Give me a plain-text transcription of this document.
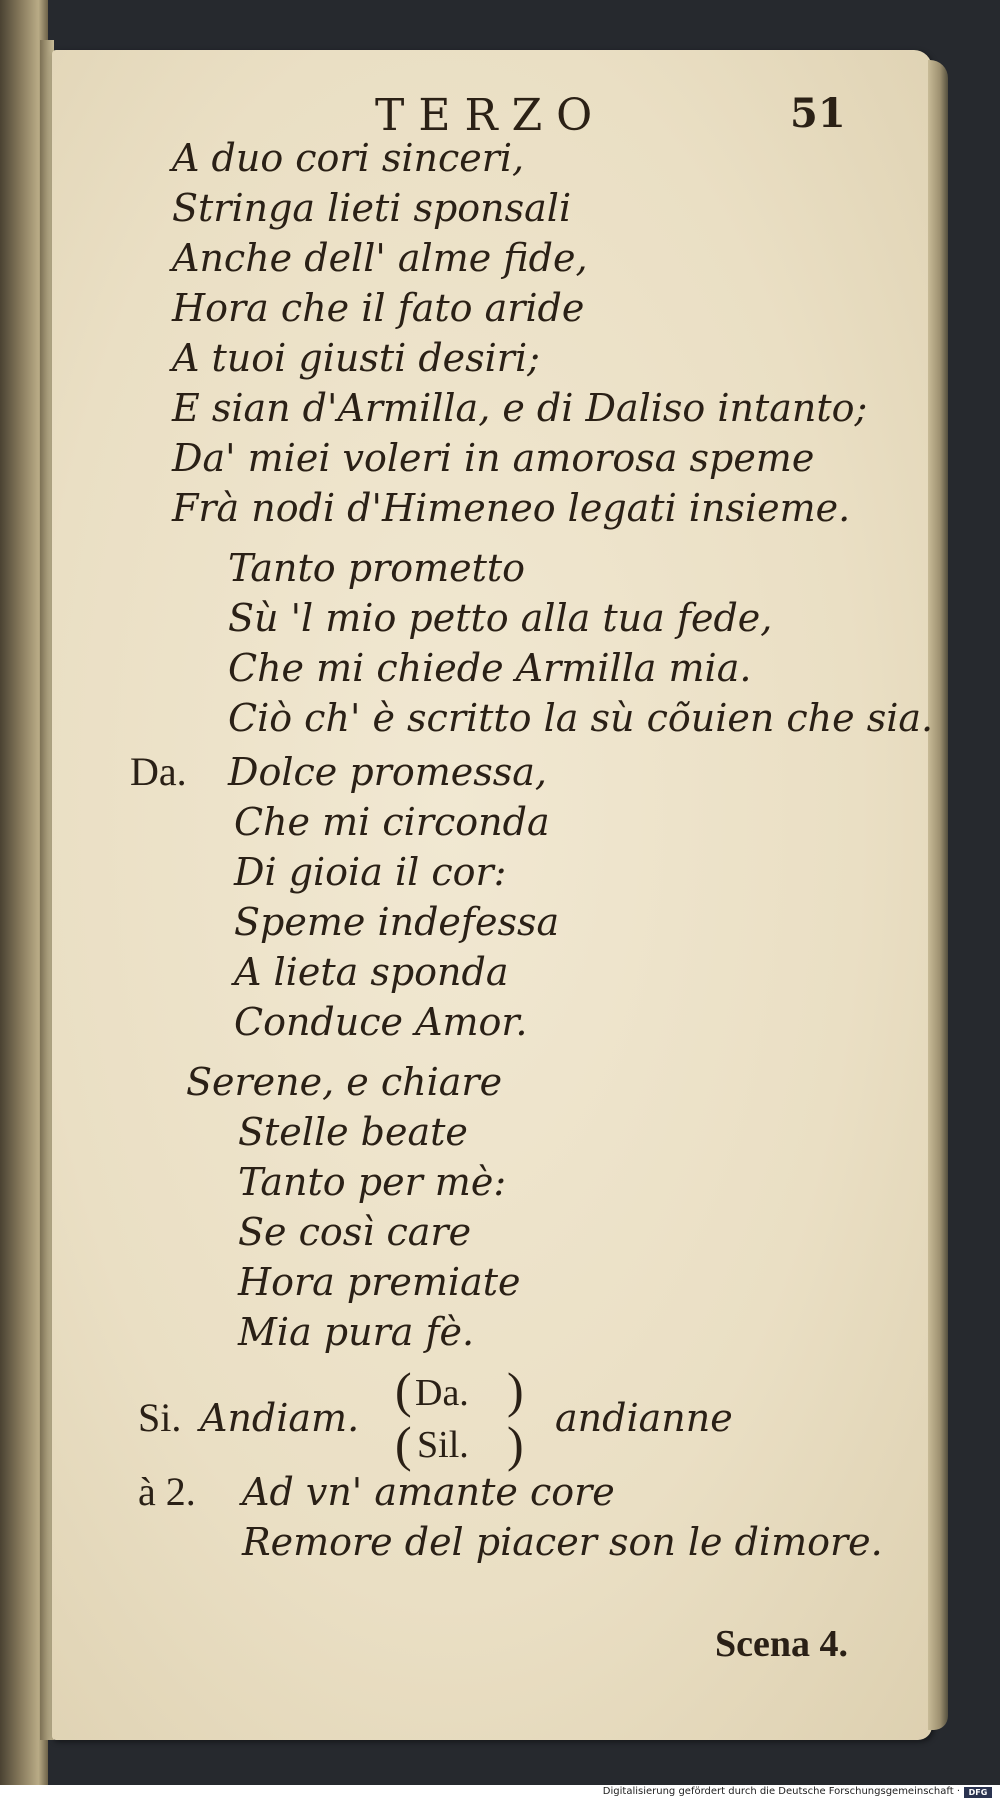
TERZO	51
A duo cori sinceri,
Stringa lieti sponsali
Anche dell' alme fide,
Hora che il fato aride
A tuoi giusti desiri;
E sian d'Armilla, e di Daliso intanto;
Da' miei voleri in amorosa speme
Frà nodi d'Himeneo legati insieme.
Tanto prometto
Sù 'l mio petto alla tua fede,
Che mi chiede Armilla mia.
Ciò ch' è scritto la sù cõuien che sia.
Da. Dolce promessa,
Che mi circonda
Di gioia il cor:
Speme indefessa
A lieta sponda
Conduce Amor.
Serene, e chiare
Stelle beate
Tanto per mè:
Se così care
Hora premiate
Mia pura fè.
Si. Andiam. ( Da. )
( Sil. ) andianne
à 2. Ad vn' amante core
Remore del piacer son le dimore.
Scena 4.
Digitalisierung gefördert durch die Deutsche Forschungsgemeinschaft ·	DFG
